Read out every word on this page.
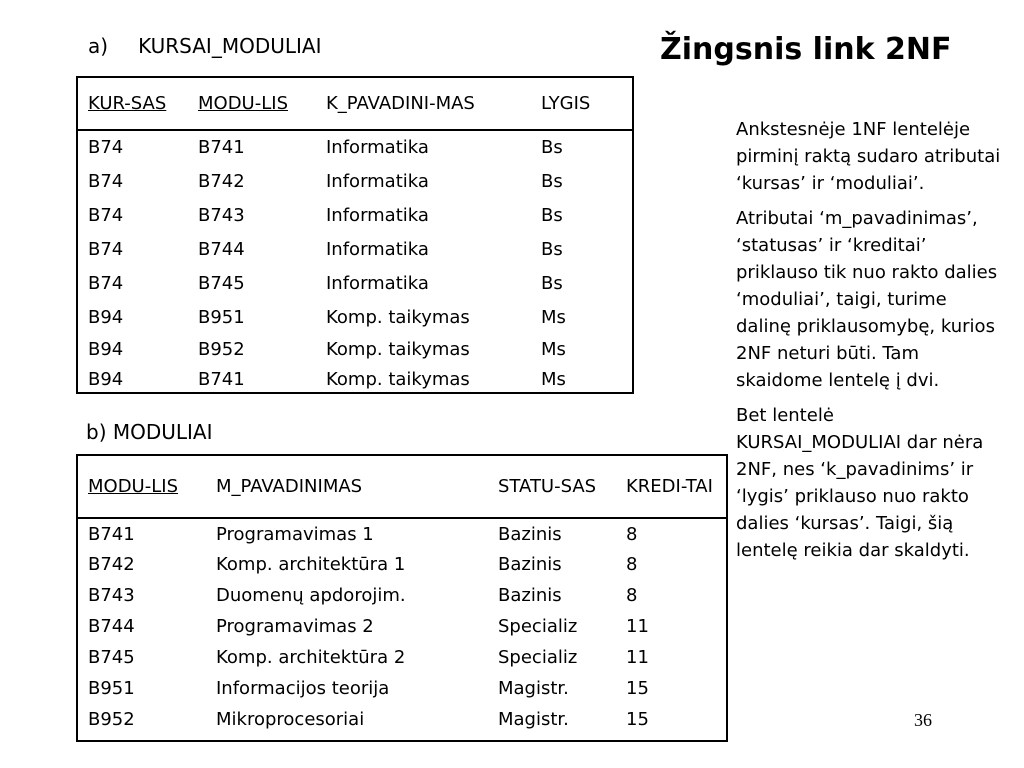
a) KURSAI_MODULIAI	Žingsnis link 2NF
KUR-SAS	MODU-LIS	K_PAVADINI-MAS	LYGIS
B74	B741	Informatika	Bs
B74	B742	Informatika	Bs
B74	B743	Informatika	Bs
B74	B744	Informatika	Bs
B74	B745	Informatika	Bs
B94	B951	Komp. taikymas	Ms
B94	B952	Komp. taikymas	Ms
B94	B741	Komp. taikymas	Ms
b) MODULIAI
MODU-LIS	M_PAVADINIMAS	STATU-SAS	KREDI-TAI
B741	Programavimas 1	Bazinis	8
B742	Komp. architektūra 1	Bazinis	8
B743	Duomenų apdorojim.	Bazinis	8
B744	Programavimas 2	Specializ	11
B745	Komp. architektūra 2	Specializ	11
B951	Informacijos teorija	Magistr.	15
B952	Mikroprocesoriai	Magistr.	15

Ankstesnėje 1NF lentelėje pirminį raktą sudaro atributai ‘kursas’ ir ‘moduliai’.

Atributai ‘m_pavadinimas’, ‘statusas’ ir ‘kreditai’ priklauso tik nuo rakto dalies ‘moduliai’, taigi, turime dalinę priklausomybę, kurios 2NF neturi būti. Tam skaidome lentelę į dvi.

Bet lentelė KURSAI_MODULIAI dar nėra 2NF, nes ‘k_pavadinims’ ir ‘lygis’ priklauso nuo rakto dalies ‘kursas’. Taigi, šią lentelę reikia dar skaldyti.

36
